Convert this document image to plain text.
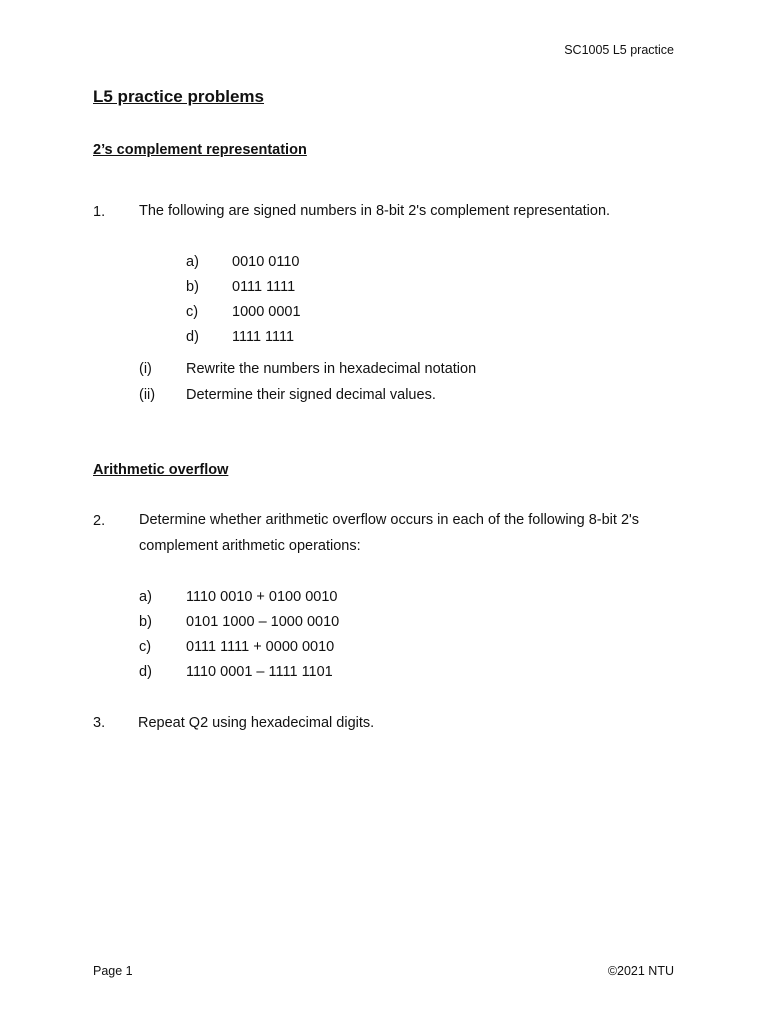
SC1005 L5 practice
L5 practice problems
2’s complement representation
1. The following are signed numbers in 8-bit 2's complement representation.
a) 0010 0110
b) 0111 1111
c) 1000 0001
d) 1111 1111
(i) Rewrite the numbers in hexadecimal notation
(ii) Determine their signed decimal values.
Arithmetic overflow
2. Determine whether arithmetic overflow occurs in each of the following 8-bit 2's complement arithmetic operations:
a) 1110 0010 + 0100 0010
b) 0101 1000 – 1000 0010
c) 0111 1111 + 0000 0010
d) 1110 0001 – 1111 1101
3. Repeat Q2 using hexadecimal digits.
Page 1	©2021 NTU
